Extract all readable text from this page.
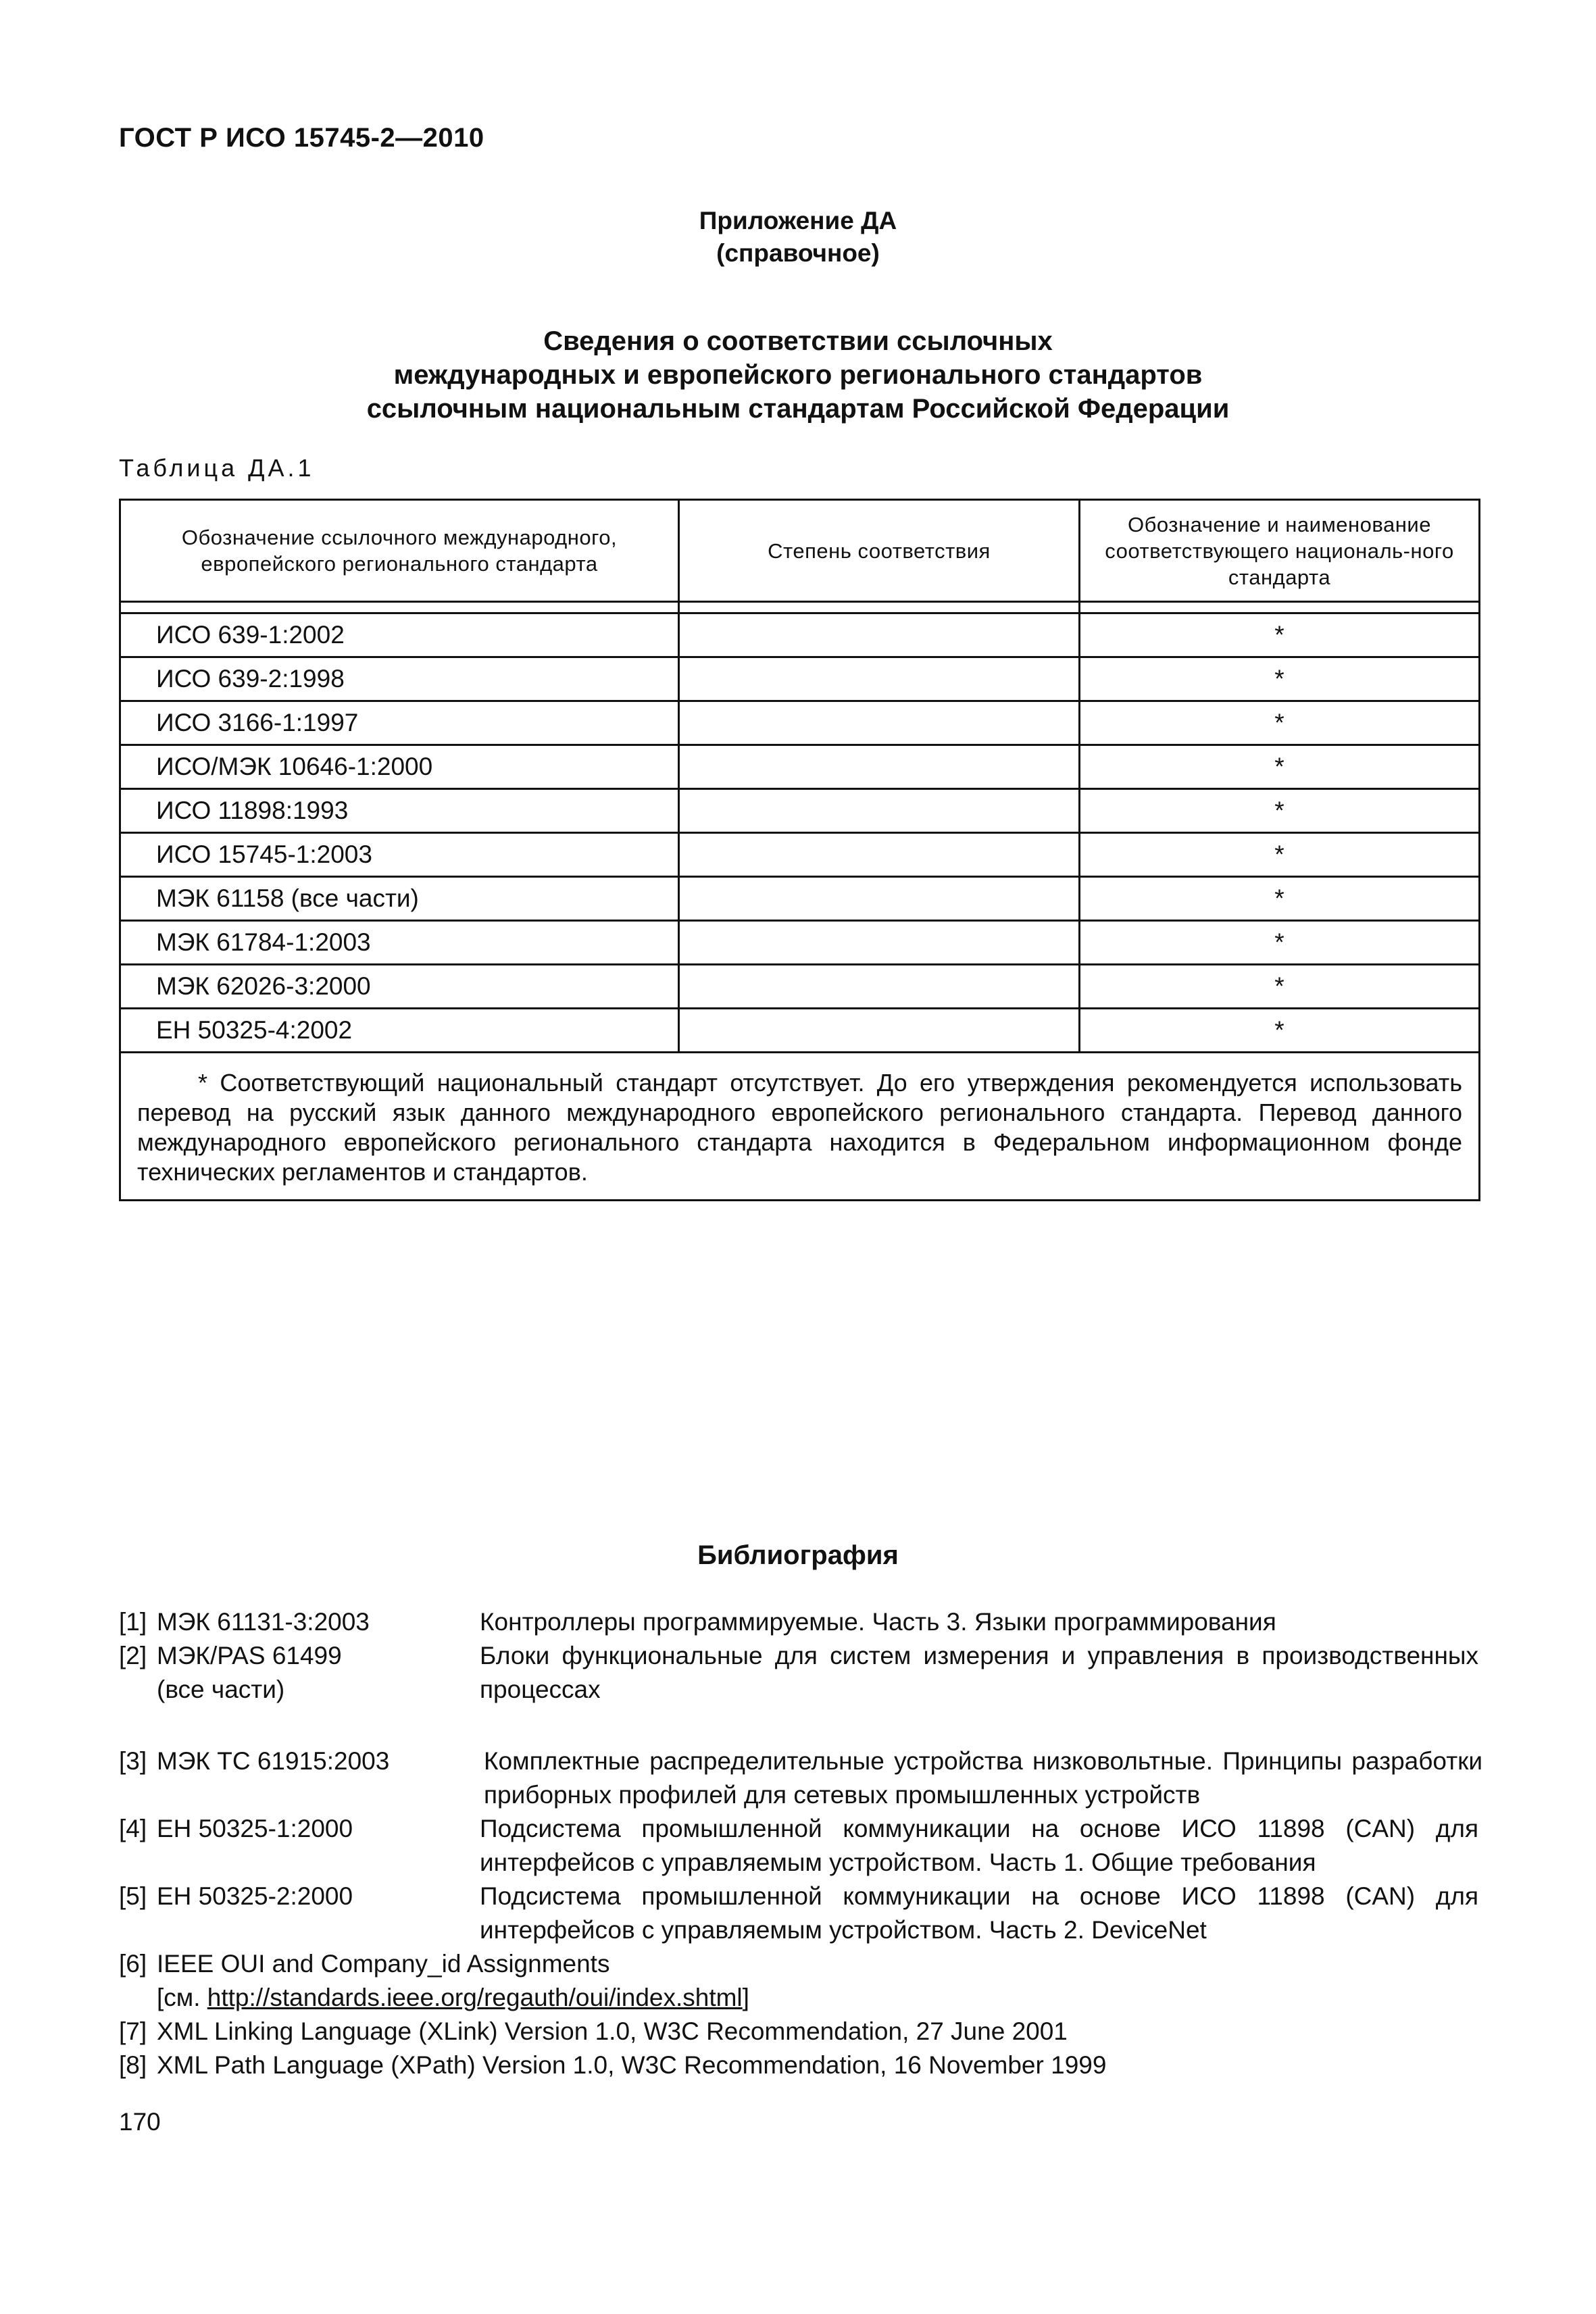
ГОСТ Р ИСО 15745-2—2010
Приложение ДА
(справочное)
Сведения о соответствии ссылочных
международных и европейского регионального стандартов
ссылочным национальным стандартам Российской Федерации
Таблица ДА.1
Обозначение ссылочного международного, европейского регионального стандарта	Степень соответствия	Обозначение и наименование соответствующего националь-ного стандарта

ИСО 639-1:2002		*
ИСО 639-2:1998		*
ИСО 3166-1:1997		*
ИСО/МЭК 10646-1:2000		*
ИСО 11898:1993		*
ИСО 15745-1:2003		*
МЭК 61158 (все части)		*
МЭК 61784-1:2003		*
МЭК 62026-3:2000		*
ЕН 50325-4:2002		*
* Соответствующий национальный стандарт отсутствует. До его утверждения рекомендуется использовать перевод на русский язык данного международного европейского регионального стандарта. Перевод данного международного европейского регионального стандарта находится в Федеральном информационном фонде технических регламентов и стандартов.		
Библиография
[1] МЭК 61131-3:2003	Контроллеры программируемые. Часть 3. Языки программирования
[2] МЭК/PAS 61499
(все части)
Блоки функциональные для систем измерения и управления в производственных процессах
[3] МЭК ТС 61915:2003	Комплектные распределительные устройства низковольтные. Принципы разработки приборных профилей для сетевых промышленных устройств
[4] ЕН 50325-1:2000	Подсистема промышленной коммуникации на основе ИСО 11898 (CAN) для интерфейсов с управляемым устройством. Часть 1. Общие требования
[5] ЕН 50325-2:2000	Подсистема промышленной коммуникации на основе ИСО 11898 (CAN) для интерфейсов с управляемым устройством. Часть 2. DeviceNet
[6] IEEE OUI and Company_id Assignments
[см. http://standards.ieee.org/regauth/oui/index.shtml]
[7] XML Linking Language (XLink) Version 1.0, W3C Recommendation, 27 June 2001
[8] XML Path Language (XPath) Version 1.0, W3C Recommendation, 16 November 1999
170
